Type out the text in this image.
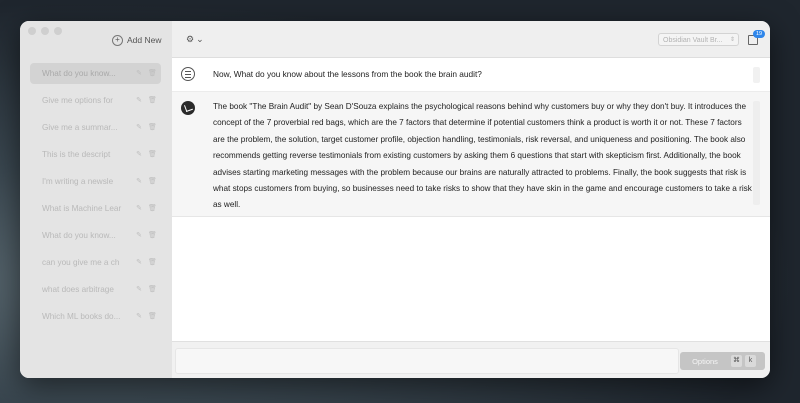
+ Add New
What do you know...	✎ 🗑
Give me options for	✎ 🗑
Give me a summar...	✎ 🗑
This is the descript	✎ 🗑
I'm writing a newsle	✎ 🗑
What is Machine Lear	✎ 🗑
What do you know...	✎ 🗑
can you give me a ch	✎ 🗑
what does arbitrage	✎ 🗑
Which ML books do...	✎ 🗑
⚙ ⌄	Obsidian Vault Br... ⇕
19
Now, What do you know about the lessons from the book the brain audit?
The book "The Brain Audit" by Sean D'Souza explains the psychological reasons behind why customers buy or why they don't buy. It introduces the concept of the 7 proverbial red bags, which are the 7 factors that determine if potential customers think a product is worth it or not. These 7 factors are the problem, the solution, target customer profile, objection handling, testimonials, risk reversal, and uniqueness and positioning. The book also recommends getting reverse testimonials from existing customers by asking them 6 questions that start with skepticism first. Additionally, the book advises starting marketing messages with the problem because our brains are naturally attracted to problems. Finally, the book suggests that risk is what stops customers from buying, so businesses need to take risks to show that they have skin in the game and encourage customers to take a risk as well.
Options	⌘	k
